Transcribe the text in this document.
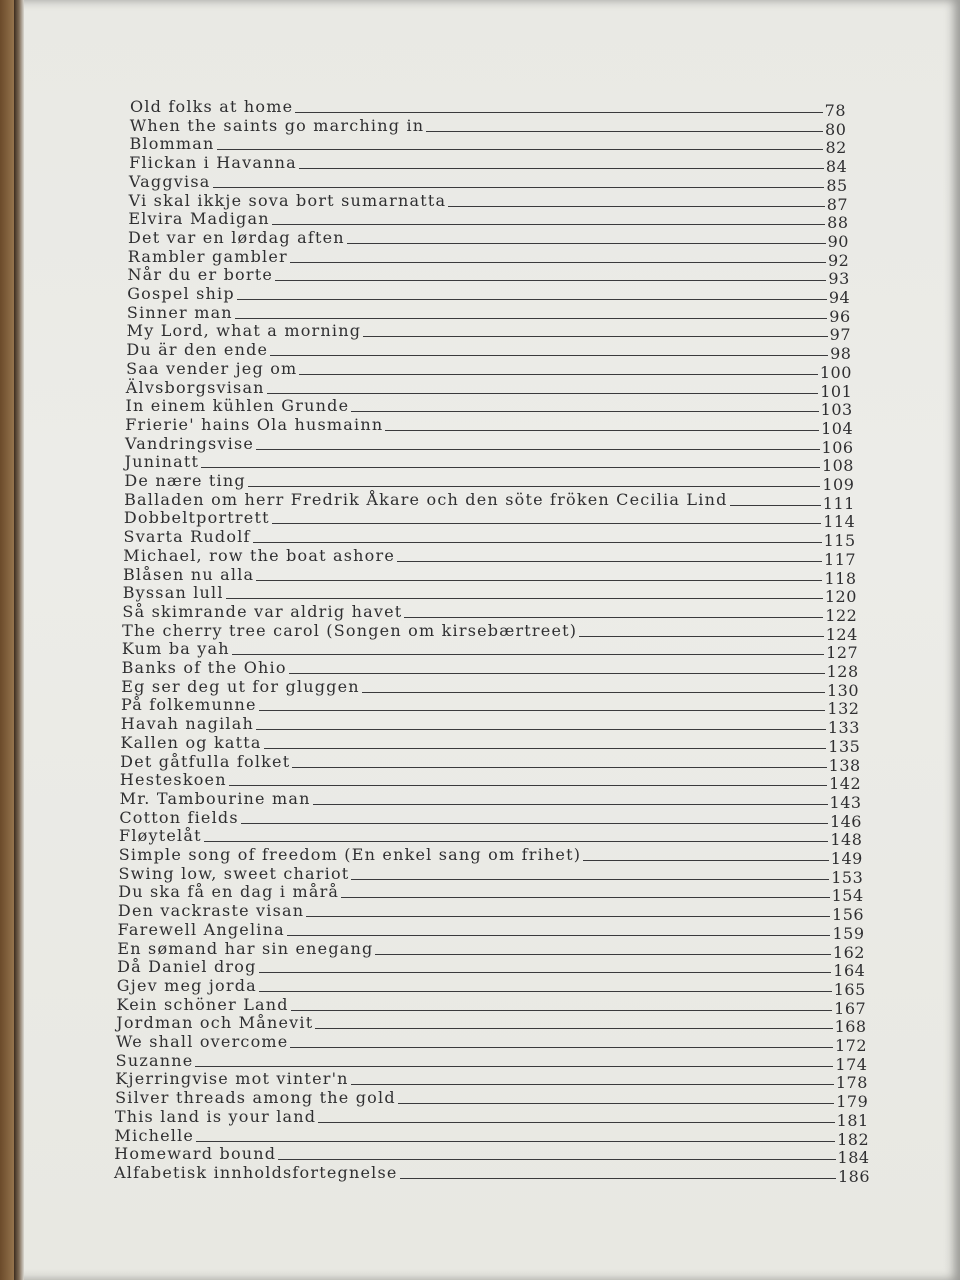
Old folks at home	78
When the saints go marching in	80
Blomman	82
Flickan i Havanna	84
Vaggvisa	85
Vi skal ikkje sova bort sumarnatta	87
Elvira Madigan	88
Det var en lørdag aften	90
Rambler gambler	92
Når du er borte	93
Gospel ship	94
Sinner man	96
My Lord, what a morning	97
Du är den ende	98
Saa vender jeg om	100
Älvsborgsvisan	101
In einem kühlen Grunde	103
Frierie' hains Ola husmainn	104
Vandringsvise	106
Juninatt	108
De nære ting	109
Balladen om herr Fredrik Åkare och den söte fröken Cecilia Lind	111
Dobbeltportrett	114
Svarta Rudolf	115
Michael, row the boat ashore	117
Blåsen nu alla	118
Byssan lull	120
Så skimrande var aldrig havet	122
The cherry tree carol (Songen om kirsebærtreet)	124
Kum ba yah	127
Banks of the Ohio	128
Eg ser deg ut for gluggen	130
På folkemunne	132
Havah nagilah	133
Kallen og katta	135
Det gåtfulla folket	138
Hesteskoen	142
Mr. Tambourine man	143
Cotton fields	146
Fløytelåt	148
Simple song of freedom (En enkel sang om frihet)	149
Swing low, sweet chariot	153
Du ska få en dag i mårå	154
Den vackraste visan	156
Farewell Angelina	159
En sømand har sin enegang	162
Då Daniel drog	164
Gjev meg jorda	165
Kein schöner Land	167
Jordman och Månevit	168
We shall overcome	172
Suzanne	174
Kjerringvise mot vinter'n	178
Silver threads among the gold	179
This land is your land	181
Michelle	182
Homeward bound	184
Alfabetisk innholdsfortegnelse	186
